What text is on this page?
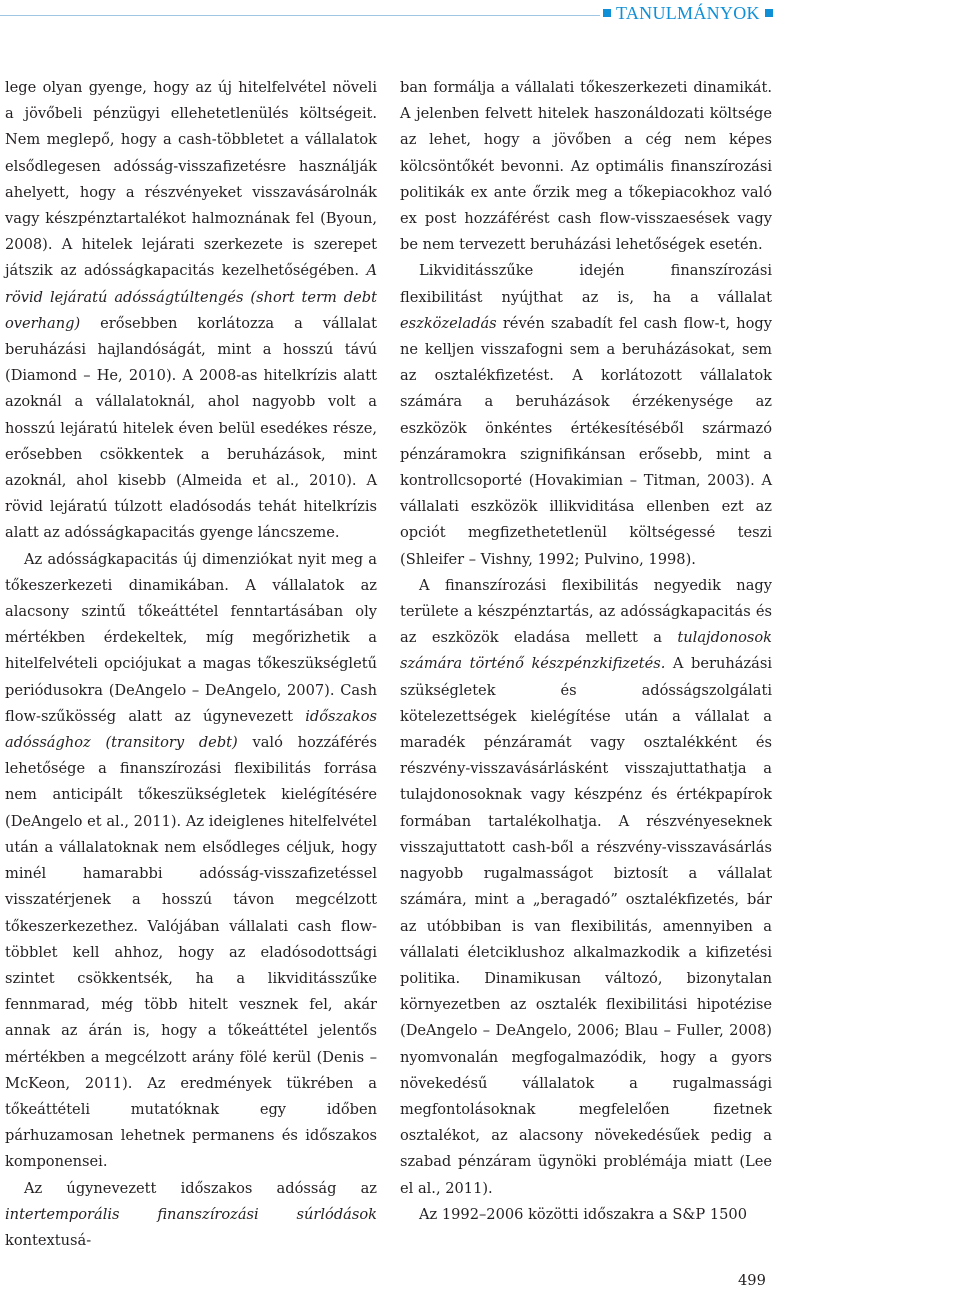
TANULMÁNYOK

lege olyan gyenge, hogy az új hitelfelvétel növeli a jövőbeli pénzügyi ellehetetlenülés költségeit. Nem meglepő, hogy a cash-többletet a vállalatok elsődlegesen adósság-visszafizetésre használják ahelyett, hogy a részvényeket visszavásárolnák vagy készpénztartalékot halmoznának fel (Byoun, 2008). A hitelek lejárati szerkezete is szerepet játszik az adósságkapacitás kezelhetőségében. A rövid lejáratú adósságtúltengés (short term debt overhang) erősebben korlátozza a vállalat beruházási hajlandóságát, mint a hosszú távú (Diamond – He, 2010). A 2008-as hitelkrízis alatt azoknál a vállalatoknál, ahol nagyobb volt a hosszú lejáratú hitelek éven belül esedékes része, erősebben csökkentek a beruházások, mint azoknál, ahol kisebb (Almeida et al., 2010). A rövid lejáratú túlzott eladósodás tehát hitelkrízis alatt az adósságkapacitás gyenge láncszeme.

Az adósságkapacitás új dimenziókat nyit meg a tőkeszerkezeti dinamikában. A vállalatok az alacsony szintű tőkeáttétel fenntartásában oly mértékben érdekeltek, míg megőrizhetik a hitelfelvételi opciójukat a magas tőkeszükségletű periódusokra (DeAngelo – DeAngelo, 2007). Cash flow-szűkösség alatt az úgynevezett időszakos adóssághoz (transitory debt) való hozzáférés lehetősége a finanszírozási flexibilitás forrása nem anticipált tőkeszükségletek kielégítésére (DeAngelo et al., 2011). Az ideiglenes hitelfelvétel után a vállalatoknak nem elsődleges céljuk, hogy minél hamarabbi adósság-visszafizetéssel visszatérjenek a hosszú távon megcélzott tőkeszerkezethez. Valójában vállalati cash flow-többlet kell ahhoz, hogy az eladósodottsági szintet csökkentsék, ha a likviditásszűke fennmarad, még több hitelt vesznek fel, akár annak az árán is, hogy a tőkeáttétel jelentős mértékben a megcélzott arány fölé kerül (Denis – McKeon, 2011). Az eredmények tükrében a tőkeáttételi mutatóknak egy időben párhuzamosan lehetnek permanens és időszakos komponensei.

Az úgynevezett időszakos adósság az intertemporális finanszírozási súrlódások kontextusá-

ban formálja a vállalati tőkeszerkezeti dinamikát. A jelenben felvett hitelek haszonáldozati költsége az lehet, hogy a jövőben a cég nem képes kölcsöntőkét bevonni. Az optimális finanszírozási politikák ex ante őrzik meg a tőkepiacokhoz való ex post hozzáférést cash flow-visszaesések vagy be nem tervezett beruházási lehetőségek esetén.

Likviditásszűke idején finanszírozási flexibilitást nyújthat az is, ha a vállalat eszközeladás révén szabadít fel cash flow-t, hogy ne kelljen visszafogni sem a beruházásokat, sem az osztalékfizetést. A korlátozott vállalatok számára a beruházások érzékenysége az eszközök önkéntes értékesítéséből származó pénzáramokra szignifikánsan erősebb, mint a kontrollcsoporté (Hovakimian – Titman, 2003). A vállalati eszközök illikviditása ellenben ezt az opciót megfizethetetlenül költségessé teszi (Shleifer – Vishny, 1992; Pulvino, 1998).

A finanszírozási flexibilitás negyedik nagy területe a készpénztartás, az adósságkapacitás és az eszközök eladása mellett a tulajdonosok számára történő készpénzkifizetés. A beruházási szükségletek és adósságszolgálati kötelezettségek kielégítése után a vállalat a maradék pénzáramát vagy osztalékként és részvény-visszavásárlásként visszajuttathatja a tulajdonosoknak vagy készpénz és értékpapírok formában tartalékolhatja. A részvényeseknek visszajuttatott cash-ből a részvény-visszavásárlás nagyobb rugalmasságot biztosít a vállalat számára, mint a „beragadó” osztalékfizetés, bár az utóbbiban is van flexibilitás, amennyiben a vállalati életciklushoz alkalmazkodik a kifizetési politika. Dinamikusan változó, bizonytalan környezetben az osztalék flexibilitási hipotézise (DeAngelo – DeAngelo, 2006; Blau – Fuller, 2008) nyomvonalán megfogalmazódik, hogy a gyors növekedésű vállalatok a rugalmassági megfontolásoknak megfelelően fizetnek osztalékot, az alacsony növekedésűek pedig a szabad pénzáram ügynöki problémája miatt (Lee el al., 2011).

Az 1992–2006 közötti időszakra a S&P 1500

499
